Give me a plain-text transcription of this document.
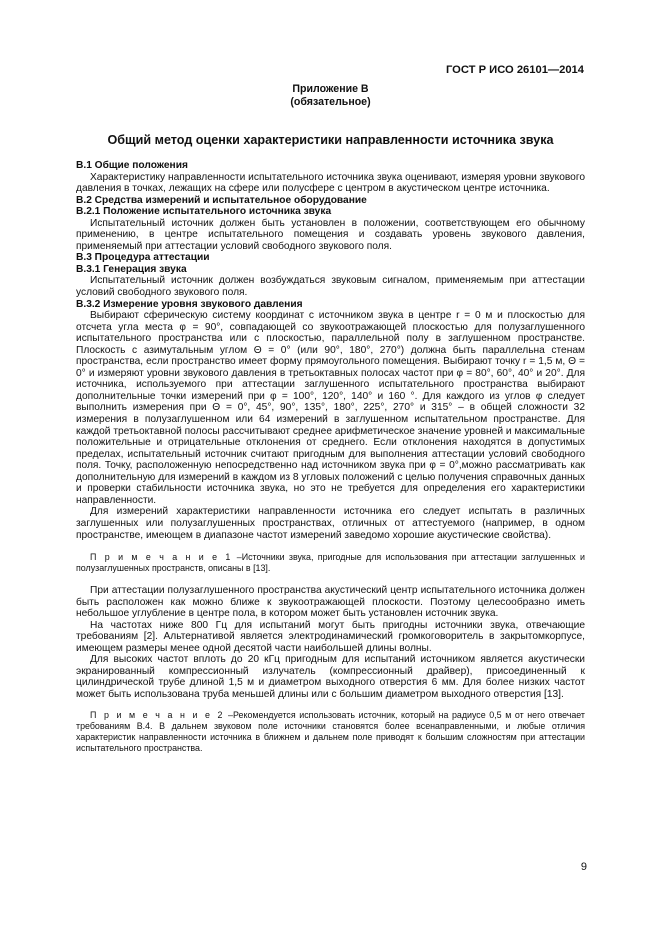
ГОСТ Р ИСО 26101—2014
Приложение В
(обязательное)
Общий метод оценки характеристики направленности источника звука

В.1 Общие положения

Характеристику направленности испытательного источника звука оценивают, измеряя уровни звукового давления в точках, лежащих на сфере или полусфере с центром в акустическом центре источника.

В.2 Средства измерений и испытательное оборудование

В.2.1 Положение испытательного источника звука

Испытательный источник должен быть установлен в положении, соответствующем его обычному применению, в центре испытательного помещения и создавать уровень звукового давления, применяемый при аттестации условий свободного звукового поля.

В.3 Процедура аттестации

В.3.1 Генерация звука

Испытательный источник должен возбуждаться звуковым сигналом, применяемым при аттестации условий свободного звукового поля.

В.3.2 Измерение уровня звукового давления

Выбирают сферическую систему координат с источником звука в центре r = 0 м и плоскостью для отсчета угла места φ = 90°, совпадающей со звукоотражающей плоскостью для полузаглушенного испытательного пространства или с плоскостью, параллельной полу в заглушенном пространстве. Плоскость с азимутальным углом Θ = 0° (или 90°, 180°, 270°) должна быть параллельна стенам пространства, если пространство имеет форму прямоугольного помещения. Выбирают точку r = 1,5 м, Θ = 0° и измеряют уровни звукового давления в третьоктавных полосах частот при φ = 80°, 60°, 40° и 20°. Для источника, используемого при аттестации заглушенного испытательного пространства выбирают дополнительные точки измерений при φ = 100°, 120°, 140° и 160 °. Для каждого из углов φ следует выполнить измерения при Θ = 0°, 45°, 90°, 135°, 180°, 225°, 270° и 315° – в общей сложности 32 измерения в полузаглушенном или 64 измерений в заглушенном испытательном пространстве. Для каждой третьоктавной полосы рассчитывают среднее арифметическое значение уровней и максимальные положительные и отрицательные отклонения от среднего. Если отклонения находятся в допустимых пределах, испытательный источник считают пригодным для выполнения аттестации условий свободного поля. Точку, расположенную непосредственно над источником звука при φ = 0°,можно рассматривать как дополнительную для измерений в каждом из 8 угловых положений с целью получения справочных данных и проверки стабильности источника звука, но это не требуется для определения его характеристики направленности.

Для измерений характеристики направленности источника его следует испытать в различных заглушенных или полузаглушенных пространствах, отличных от аттестуемого (например, в одном пространстве, имеющем в диапазоне частот измерений заведомо хорошие акустические свойства).

П р и м е ч а н и е 1 –Источники звука, пригодные для использования при аттестации заглушенных и полузаглушенных пространств, описаны в [13].

При аттестации полузаглушенного пространства акустический центр испытательного источника должен быть расположен как можно ближе к звукоотражающей плоскости. Поэтому целесообразно иметь небольшое углубление в центре пола, в котором может быть установлен источник звука.

На частотах ниже 800 Гц для испытаний могут быть пригодны источники звука, отвечающие требованиям [2]. Альтернативой является электродинамический громкоговоритель в закрытомкорпусе, имеющем размеры менее одной десятой части наибольшей длины волны.

Для высоких частот вплоть до 20 кГц пригодным для испытаний источником является акустически экранированный компрессионный излучатель (компрессионный драйвер), присоединенный к цилиндрической трубе длиной 1,5 м и диаметром выходного отверстия 6 мм. Для более низких частот может быть использована труба меньшей длины или с большим диаметром выходного отверстия [13].

П р и м е ч а н и е 2 –Рекомендуется использовать источник, который на радиусе 0,5 м от него отвечает требованиям В.4. В дальнем звуковом поле источники становятся более всенаправленными, и любые отличия характеристик направленности источника в ближнем и дальнем поле приводят к большим сложностям при аттестации испытательного пространства.

9
